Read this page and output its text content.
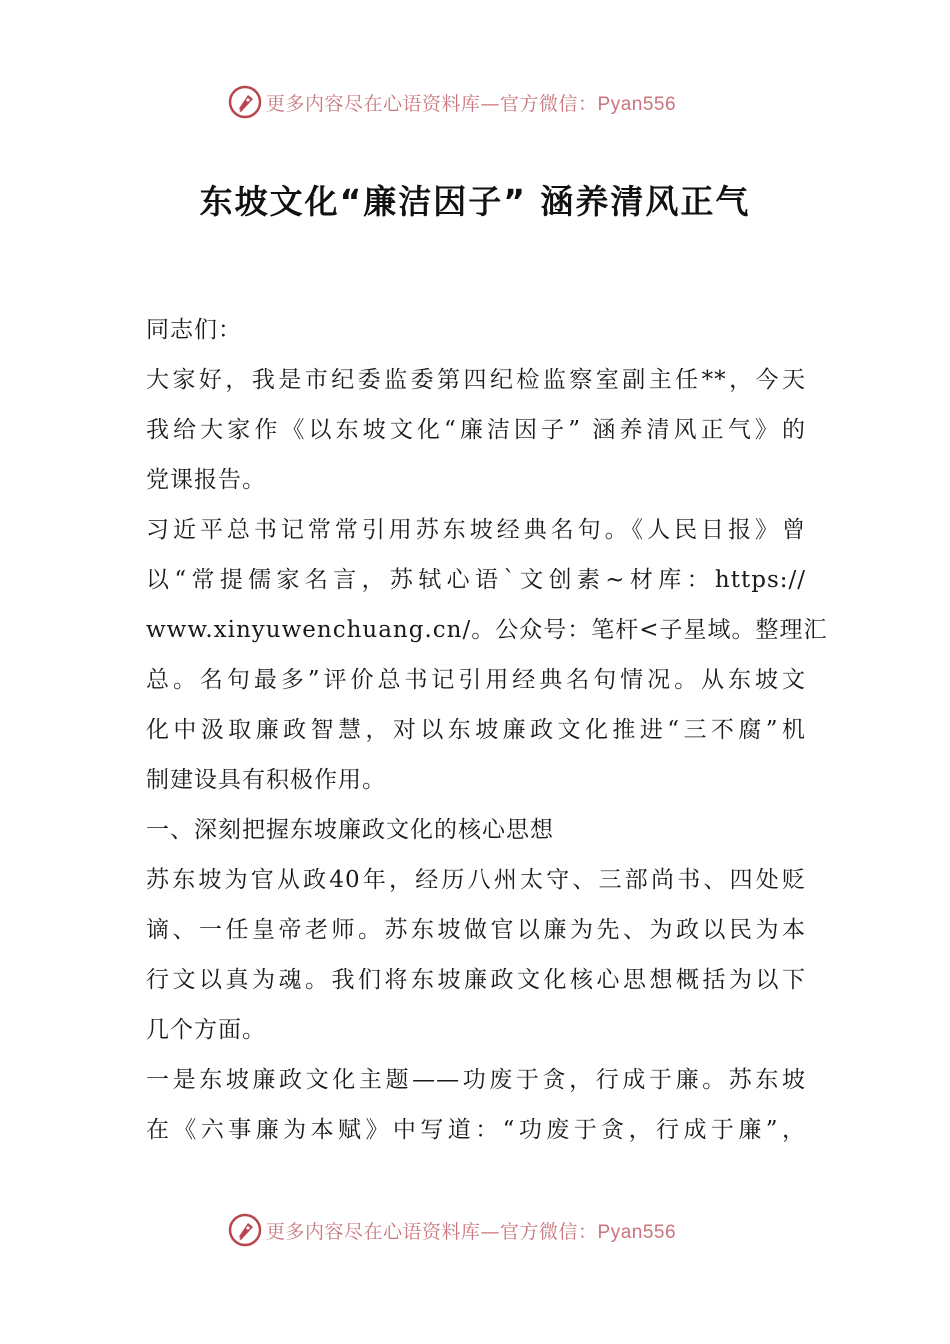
更多内容尽在心语资料库—官方微信：Pyan556
东坡文化“廉洁因子” 涵养清风正气
同志们：
大家好，我是市纪委监委第四纪检监察室副主任**，今天
我给大家作《以东坡文化“廉洁因子” 涵养清风正气》的
党课报告。
习近平总书记常常引用苏东坡经典名句。《人民日报》曾
以“常提儒家名言，苏轼心语`文创素~材库：https://
www.xinyuwenchuang.cn/。公众号：笔杆<子星域。整理汇
总。名句最多”评价总书记引用经典名句情况。从东坡文
化中汲取廉政智慧，对以东坡廉政文化推进“三不腐”机
制建设具有积极作用。
一、深刻把握东坡廉政文化的核心思想
苏东坡为官从政40年，经历八州太守、三部尚书、四处贬
谪、一任皇帝老师。苏东坡做官以廉为先、为政以民为本
行文以真为魂。我们将东坡廉政文化核心思想概括为以下
几个方面。
一是东坡廉政文化主题——功废于贪，行成于廉。苏东坡
在《六事廉为本赋》中写道：“功废于贪，行成于廉”，
更多内容尽在心语资料库—官方微信：Pyan556
